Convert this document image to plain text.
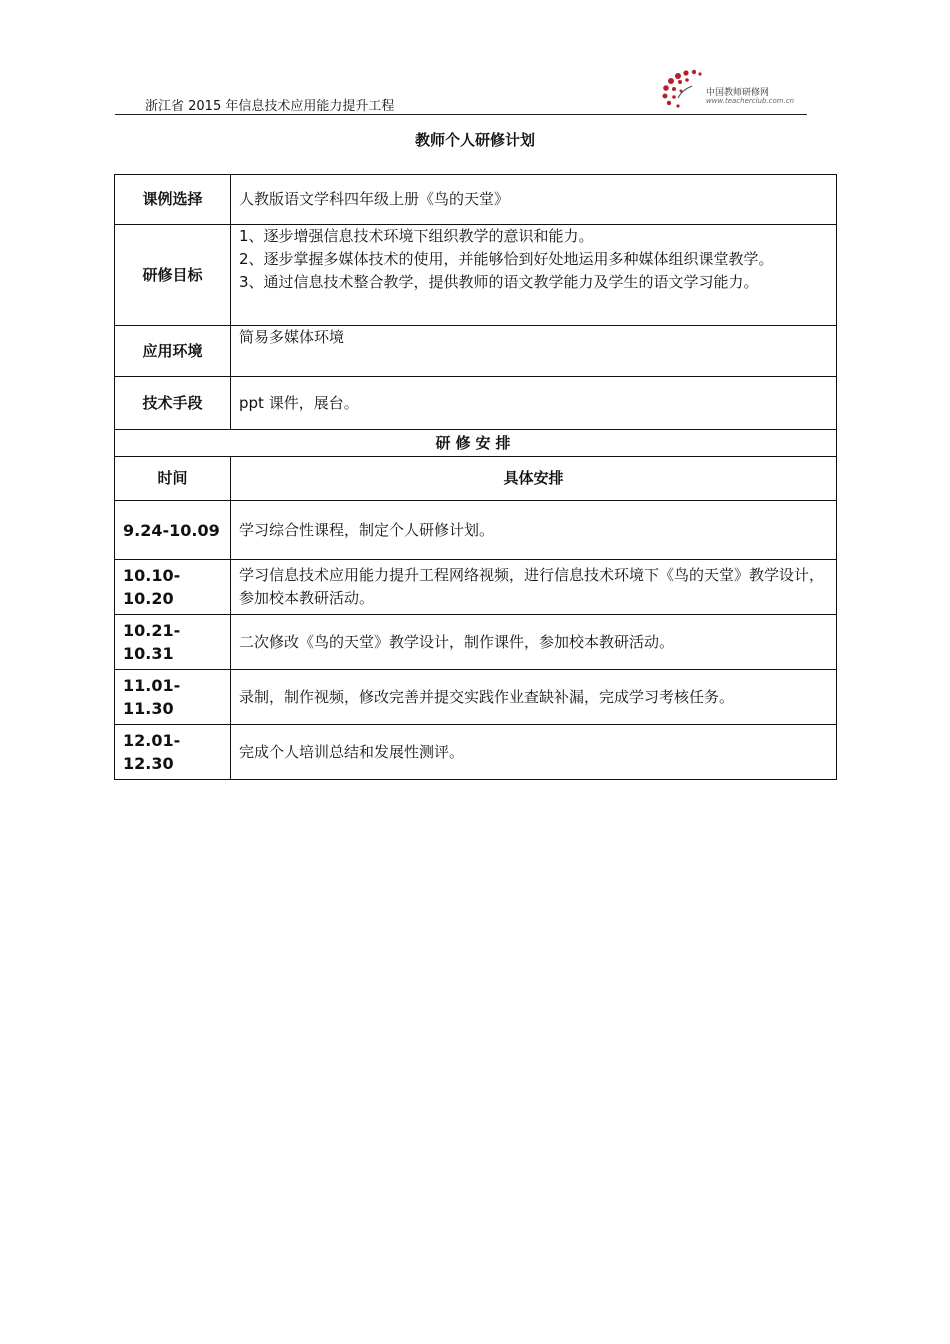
浙江省 2015 年信息技术应用能力提升工程
中国教师研修网
www.teacherclub.com.cn
教师个人研修计划
课例选择	人教版语文学科四年级上册《鸟的天堂》
研修目标	1、逐步增强信息技术环境下组织教学的意识和能力。
2、逐步掌握多媒体技术的使用，并能够恰到好处地运用多种媒体组织课堂教学。
3、通过信息技术整合教学，提供教师的语文教学能力及学生的语文学习能力。

应用环境	简易多媒体环境
技术手段	ppt 课件，展台。
研修安排	
时间	具体安排
9.24-10.09	学习综合性课程，制定个人研修计划。
10.10-10.20	学习信息技术应用能力提升工程网络视频，进行信息技术环境下《鸟的天堂》教学设计，参加校本教研活动。
10.21-10.31	二次修改《鸟的天堂》教学设计，制作课件，参加校本教研活动。
11.01-11.30	录制，制作视频，修改完善并提交实践作业查缺补漏，完成学习考核任务。
12.01-12.30	完成个人培训总结和发展性测评。
